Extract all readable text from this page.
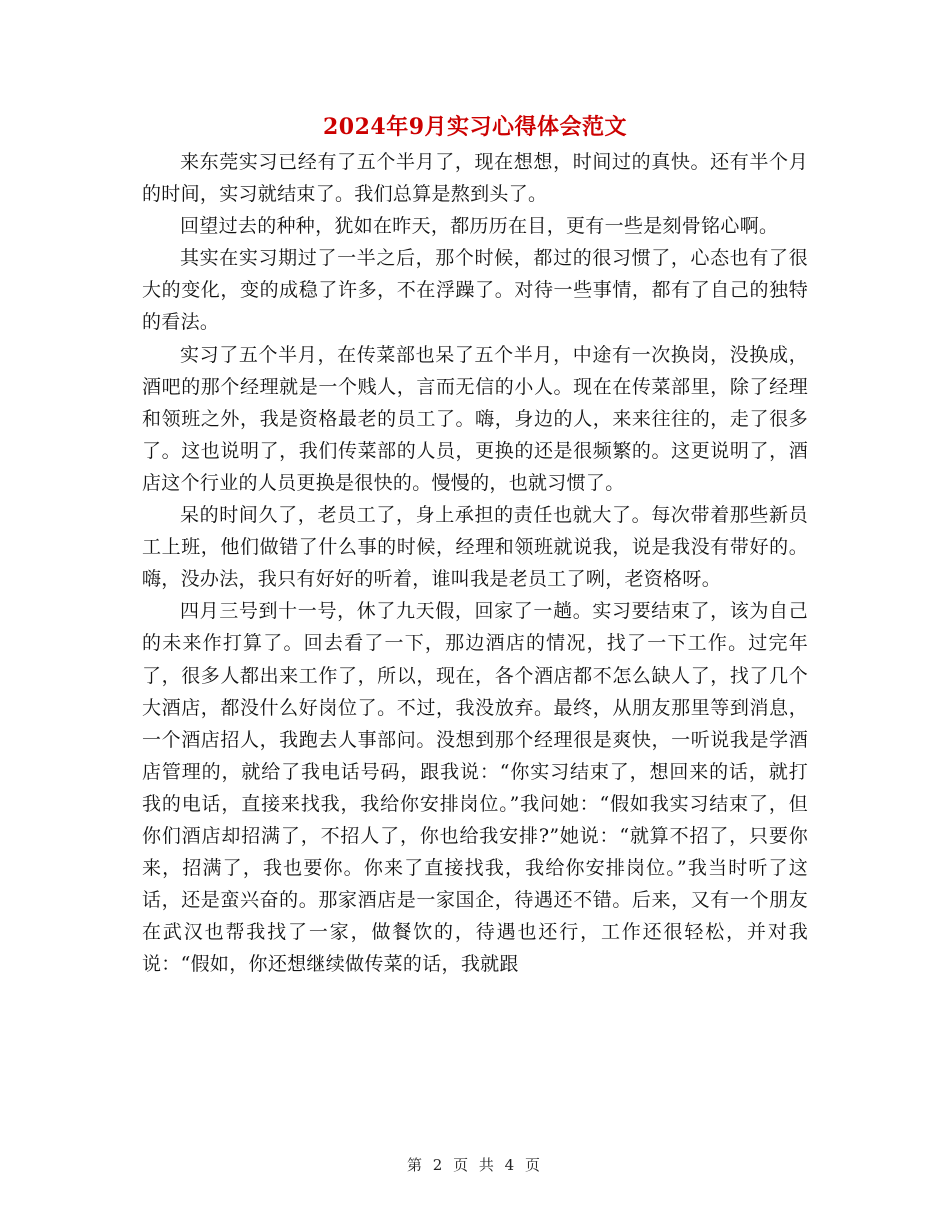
2024年9月实习心得体会范文

来东莞实习已经有了五个半月了，现在想想，时间过的真快。还有半个月的时间，实习就结束了。我们总算是熬到头了。

回望过去的种种，犹如在昨天，都历历在目，更有一些是刻骨铭心啊。

其实在实习期过了一半之后，那个时候，都过的很习惯了，心态也有了很大的变化，变的成稳了许多，不在浮躁了。对待一些事情，都有了自己的独特的看法。

实习了五个半月，在传菜部也呆了五个半月，中途有一次换岗，没换成，酒吧的那个经理就是一个贱人，言而无信的小人。现在在传菜部里，除了经理和领班之外，我是资格最老的员工了。嗨，身边的人，来来往往的，走了很多了。这也说明了，我们传菜部的人员，更换的还是很频繁的。这更说明了，酒店这个行业的人员更换是很快的。慢慢的，也就习惯了。

呆的时间久了，老员工了，身上承担的责任也就大了。每次带着那些新员工上班，他们做错了什么事的时候，经理和领班就说我，说是我没有带好的。嗨，没办法，我只有好好的听着，谁叫我是老员工了咧，老资格呀。

四月三号到十一号，休了九天假，回家了一趟。实习要结束了，该为自己的未来作打算了。回去看了一下，那边酒店的情况，找了一下工作。过完年了，很多人都出来工作了，所以，现在，各个酒店都不怎么缺人了，找了几个大酒店，都没什么好岗位了。不过，我没放弃。最终，从朋友那里等到消息，一个酒店招人，我跑去人事部问。没想到那个经理很是爽快，一听说我是学酒店管理的，就给了我电话号码，跟我说：“你实习结束了，想回来的话，就打我的电话，直接来找我，我给你安排岗位。”我问她：“假如我实习结束了，但你们酒店却招满了，不招人了，你也给我安排?”她说：“就算不招了，只要你来，招满了，我也要你。你来了直接找我，我给你安排岗位。”我当时听了这话，还是蛮兴奋的。那家酒店是一家国企，待遇还不错。后来，又有一个朋友在武汉也帮我找了一家，做餐饮的，待遇也还行，工作还很轻松，并对我说：“假如，你还想继续做传菜的话，我就跟

第 2 页 共 4 页
